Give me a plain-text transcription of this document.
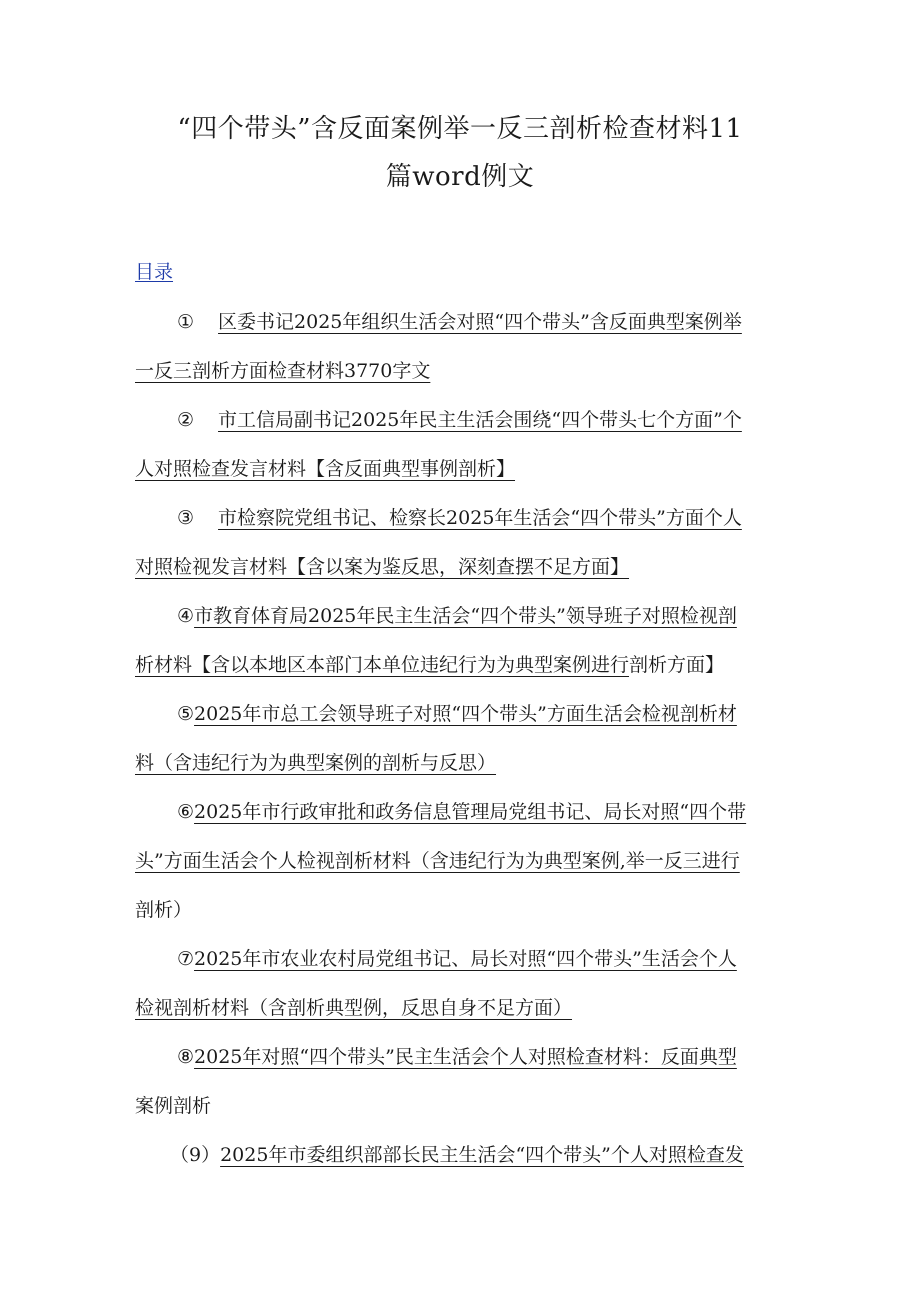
“四个带头”含反面案例举一反三剖析检查材料11
篇word例文
目录
① 区委书记2025年组织生活会对照“四个带头”含反面典型案例举
一反三剖析方面检查材料3770字文
② 市工信局副书记2025年民主生活会围绕“四个带头七个方面”个
人对照检查发言材料【含反面典型事例剖析】
③ 市检察院党组书记、检察长2025年生活会“四个带头”方面个人
对照检视发言材料【含以案为鉴反思，深刻查摆不足方面】
④市教育体育局2025年民主生活会“四个带头”领导班子对照检视剖
析材料【含以本地区本部门本单位违纪行为为典型案例进行剖析方面】
⑤2025年市总工会领导班子对照“四个带头”方面生活会检视剖析材
料（含违纪行为为典型案例的剖析与反思）
⑥2025年市行政审批和政务信息管理局党组书记、局长对照“四个带
头”方面生活会个人检视剖析材料（含违纪行为为典型案例,举一反三进行
剖析）
⑦2025年市农业农村局党组书记、局长对照“四个带头”生活会个人
检视剖析材料（含剖析典型例，反思自身不足方面）
⑧2025年对照“四个带头”民主生活会个人对照检查材料：反面典型
案例剖析
（9）2025年市委组织部部长民主生活会“四个带头”个人对照检查发
